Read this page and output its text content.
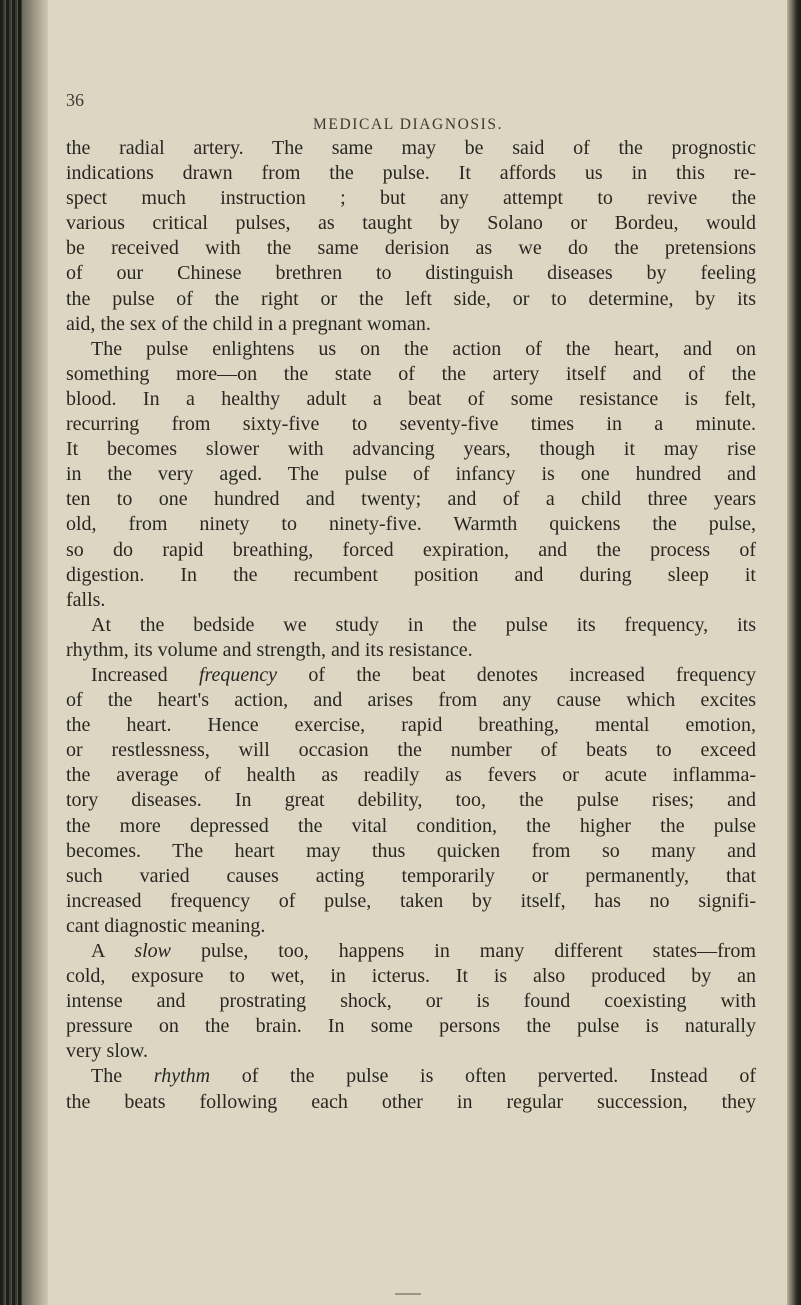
36
MEDICAL DIAGNOSIS.
the radial artery. The same may be said of the prognostic
indications drawn from the pulse. It affords us in this re-
spect much instruction ; but any attempt to revive the
various critical pulses, as taught by Solano or Bordeu, would
be received with the same derision as we do the pretensions
of our Chinese brethren to distinguish diseases by feeling
the pulse of the right or the left side, or to determine, by its
aid, the sex of the child in a pregnant woman.
The pulse enlightens us on the action of the heart, and on
something more—on the state of the artery itself and of the
blood. In a healthy adult a beat of some resistance is felt,
recurring from sixty-five to seventy-five times in a minute.
It becomes slower with advancing years, though it may rise
in the very aged. The pulse of infancy is one hundred and
ten to one hundred and twenty; and of a child three years
old, from ninety to ninety-five. Warmth quickens the pulse,
so do rapid breathing, forced expiration, and the process of
digestion. In the recumbent position and during sleep it
falls.
At the bedside we study in the pulse its frequency, its
rhythm, its volume and strength, and its resistance.
Increased frequency of the beat denotes increased frequency
of the heart's action, and arises from any cause which excites
the heart. Hence exercise, rapid breathing, mental emotion,
or restlessness, will occasion the number of beats to exceed
the average of health as readily as fevers or acute inflamma-
tory diseases. In great debility, too, the pulse rises; and
the more depressed the vital condition, the higher the pulse
becomes. The heart may thus quicken from so many and
such varied causes acting temporarily or permanently, that
increased frequency of pulse, taken by itself, has no signifi-
cant diagnostic meaning.
A slow pulse, too, happens in many different states—from
cold, exposure to wet, in icterus. It is also produced by an
intense and prostrating shock, or is found coexisting with
pressure on the brain. In some persons the pulse is naturally
very slow.
The rhythm of the pulse is often perverted. Instead of
the beats following each other in regular succession, they
